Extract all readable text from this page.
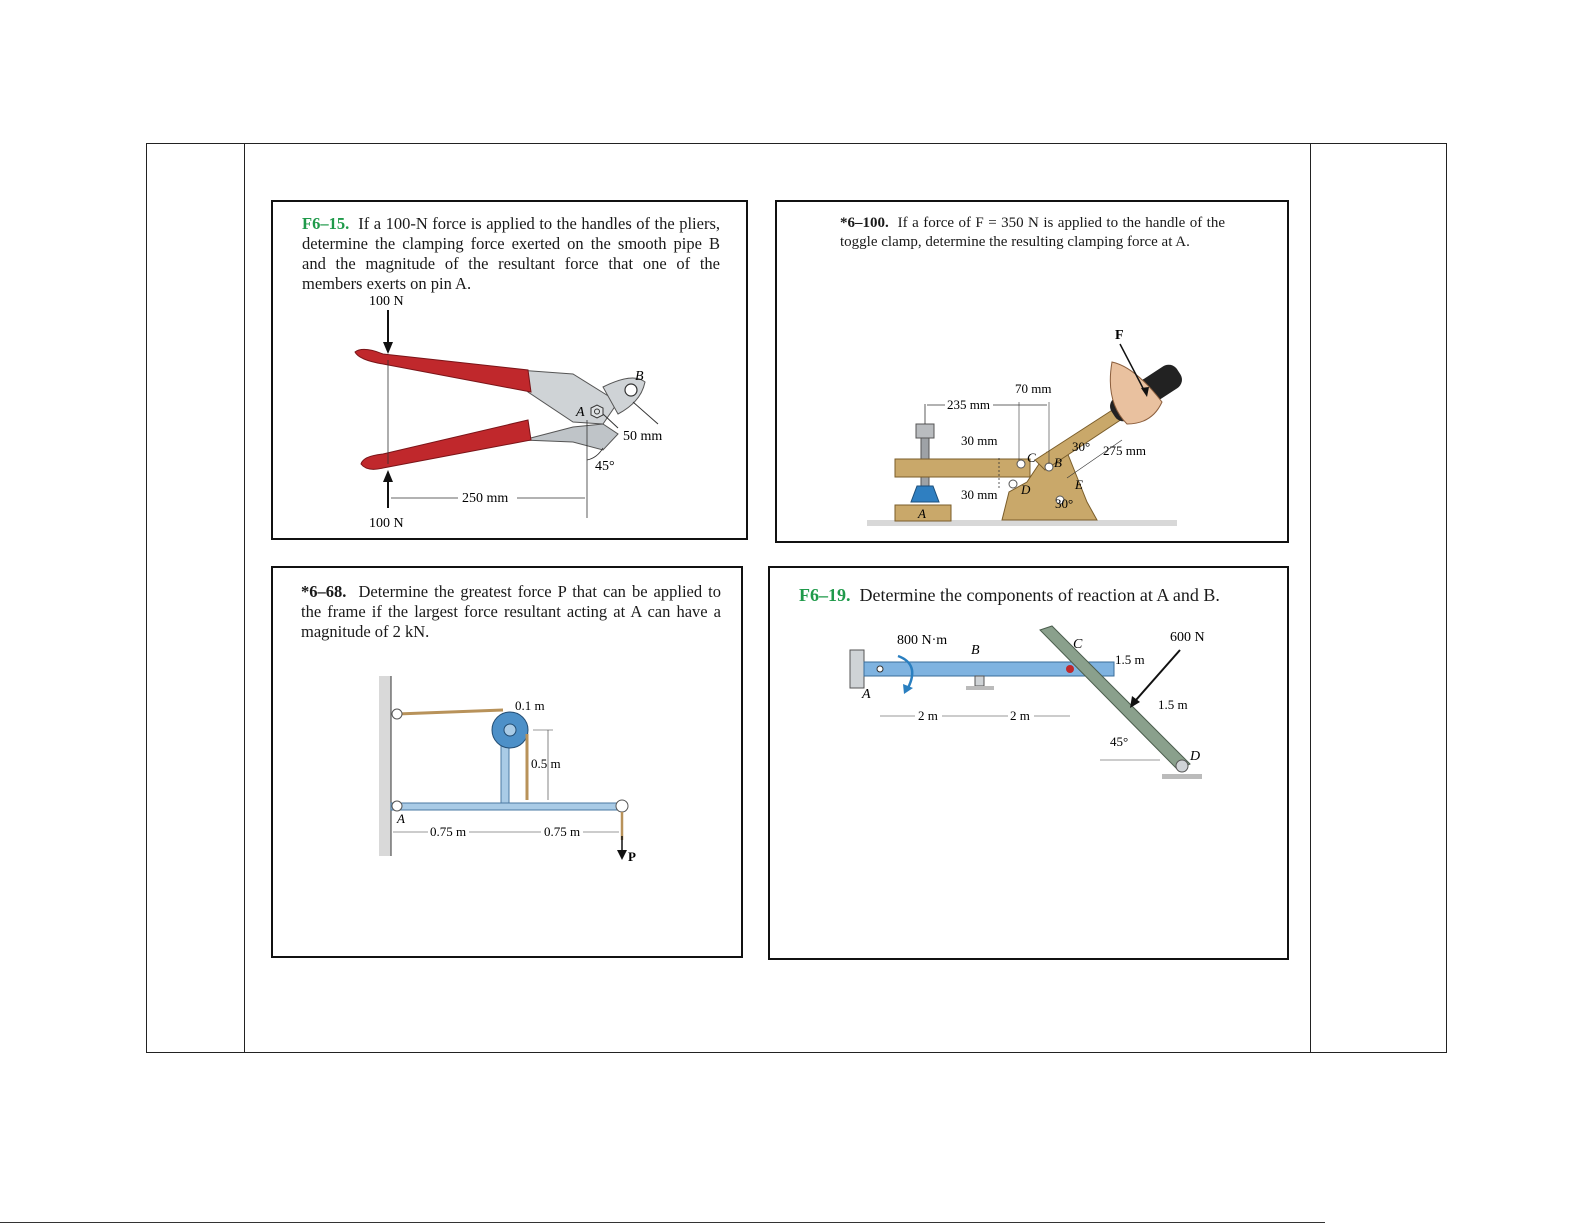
F6–15. If a 100-N force is applied to the handles of the pliers, determine the clamping force exerted on the smooth pipe B and the magnitude of the resultant force that one of the members exerts on pin A.
100 N
A
B
50 mm
45°
100 N
250 mm
*6–100. If a force of F = 350 N is applied to the handle of the toggle clamp, determine the resulting clamping force at A.
A
C B
D	E
F
235 mm
70 mm
30 mm
30 mm
30° 275 mm
30°
*6–68. Determine the greatest force P that can be applied to the frame if the largest force resultant acting at A can have a magnitude of 2 kN.
P
A
0.1 m
0.5 m
0.75 m	0.75 m
F6–19. Determine the components of reaction at A and B.
A
800 N·m
B	C
D
45°
600 N
1.5 m
1.5 m
2 m	2 m
